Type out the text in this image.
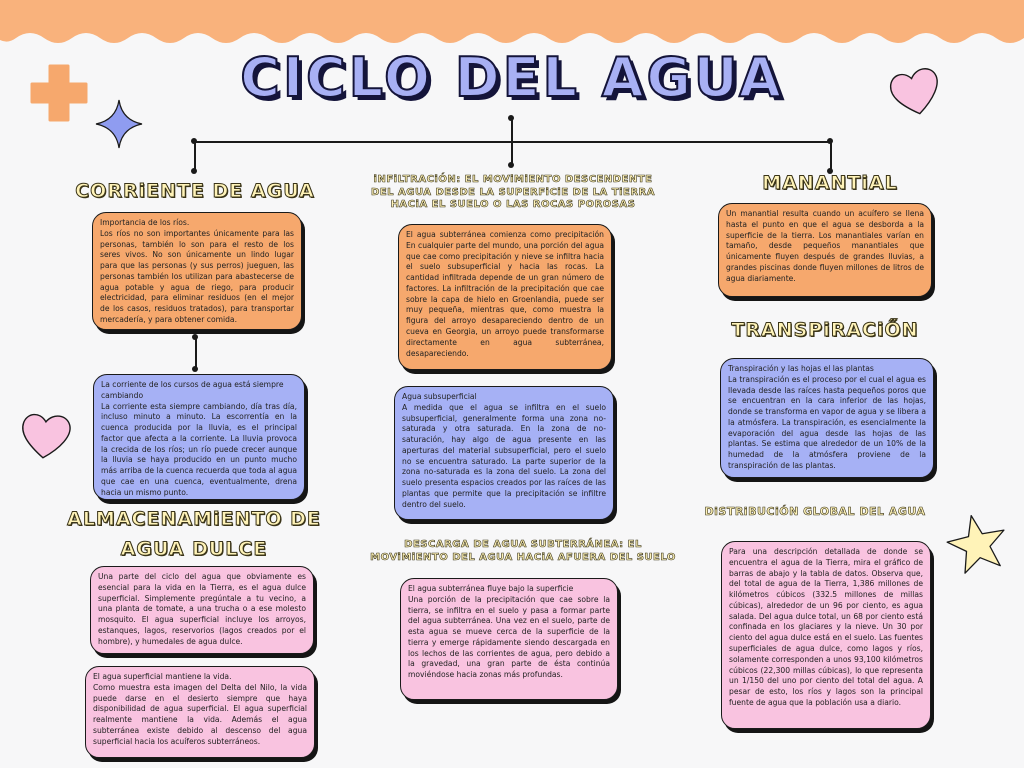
CICLO DEL AGUA
CORRiENTE DE AGUA

Importancia de los ríos.

Los ríos no son importantes únicamente para las personas, también lo son para el resto de los seres vivos. No son únicamente un lindo lugar para que las personas (y sus perros) jueguen, las personas también los utilizan para abastecerse de agua potable y agua de riego, para producir electricidad, para eliminar residuos (en el mejor de los casos, residuos tratados), para transportar mercadería, y para obtener comida.

La corriente de los cursos de agua está siempre cambiando

La corriente esta siempre cambiando, día tras día, incluso minuto a minuto. La escorrentía en la cuenca producida por la lluvia, es el principal factor que afecta a la corriente. La lluvia provoca la crecida de los ríos; un río puede crecer aunque la lluvia se haya producido en un punto mucho más arriba de la cuenca recuerda que toda al agua que cae en una cuenca, eventualmente, drena hacia un mismo punto.

ALMACENAMiENTO DE
AGUA DULCE

Una parte del ciclo del agua que obviamente es esencial para la vida en la Tierra, es el agua dulce superficial. Simplemente pregúntale a tu vecino, a una planta de tomate, a una trucha o a ese molesto mosquito. El agua superficial incluye los arroyos, estanques, lagos, reservorios (lagos creados por el hombre), y humedales de agua dulce.

El agua superficial mantiene la vida.

Como muestra esta imagen del Delta del Nilo, la vida puede darse en el desierto siempre que haya disponibilidad de agua superficial. El agua superficial realmente mantiene la vida. Además el agua subterránea existe debido al descenso del agua superficial hacia los acuíferos subterráneos.

iNFiLTRACiÓN: EL MOViMiENTO DESCENDENTE DEL AGUA DESDE LA SUPERFiCiE DE LA TiERRA HACiA EL SUELO O LAS ROCAS POROSAS

El agua subterránea comienza como precipitación En cualquier parte del mundo, una porción del agua que cae como precipitación y nieve se infiltra hacia el suelo subsuperficial y hacia las rocas. La cantidad infiltrada depende de un gran número de factores. La infiltración de la precipitación que cae sobre la capa de hielo en Groenlandia, puede ser muy pequeña, mientras que, como muestra la figura del arroyo desapareciendo dentro de un cueva en Georgia, un arroyo puede transformarse directamente en agua subterránea, desapareciendo.

Agua subsuperficial

A medida que el agua se infiltra en el suelo subsuperficial, generalmente forma una zona no-saturada y otra saturada. En la zona de no-saturación, hay algo de agua presente en las aperturas del material subsuperficial, pero el suelo no se encuentra saturado. La parte superior de la zona no-saturada es la zona del suelo. La zona del suelo presenta espacios creados por las raíces de las plantas que permite que la precipitación se infiltre dentro del suelo.

DESCARGA DE AGUA SUBTERRÁNEA: EL MOViMiENTO DEL AGUA HACiA AFUERA DEL SUELO

El agua subterránea fluye bajo la superficie

Una porción de la precipitación que cae sobre la tierra, se infiltra en el suelo y pasa a formar parte del agua subterránea. Una vez en el suelo, parte de esta agua se mueve cerca de la superficie de la tierra y emerge rápidamente siendo descargada en los lechos de las corrientes de agua, pero debido a la gravedad, una gran parte de ésta continúa moviéndose hacia zonas más profundas.

MANANTiAL

Un manantial resulta cuando un acuífero se llena hasta el punto en que el agua se desborda a la superficie de la tierra. Los manantiales varían en tamaño, desde pequeños manantiales que únicamente fluyen después de grandes lluvias, a grandes piscinas donde fluyen millones de litros de agua diariamente.

TRANSPiRACiŐN

Transpiración y las hojas el las plantas

La transpiración es el proceso por el cual el agua es llevada desde las raíces hasta pequeños poros que se encuentran en la cara inferior de las hojas, donde se transforma en vapor de agua y se libera a la atmósfera. La transpiración, es esencialmente la evaporación del agua desde las hojas de las plantas. Se estima que alrededor de un 10% de la humedad de la atmósfera proviene de la transpiración de las plantas.

DiSTRiBUCiÓN GLOBAL DEL AGUA

Para una descripción detallada de donde se encuentra el agua de la Tierra, mira el gráfico de barras de abajo y la tabla de datos. Observa que, del total de agua de la Tierra, 1,386 millones de kilómetros cúbicos (332.5 millones de millas cúbicas), alrededor de un 96 por ciento, es agua salada. Del agua dulce total, un 68 por ciento está confinada en los glaciares y la nieve. Un 30 por ciento del agua dulce está en el suelo. Las fuentes superficiales de agua dulce, como lagos y ríos, solamente corresponden a unos 93,100 kilómetros cúbicos (22,300 millas cúbicas), lo que representa un 1/150 del uno por ciento del total del agua. A pesar de esto, los ríos y lagos son la principal fuente de agua que la población usa a diario.
